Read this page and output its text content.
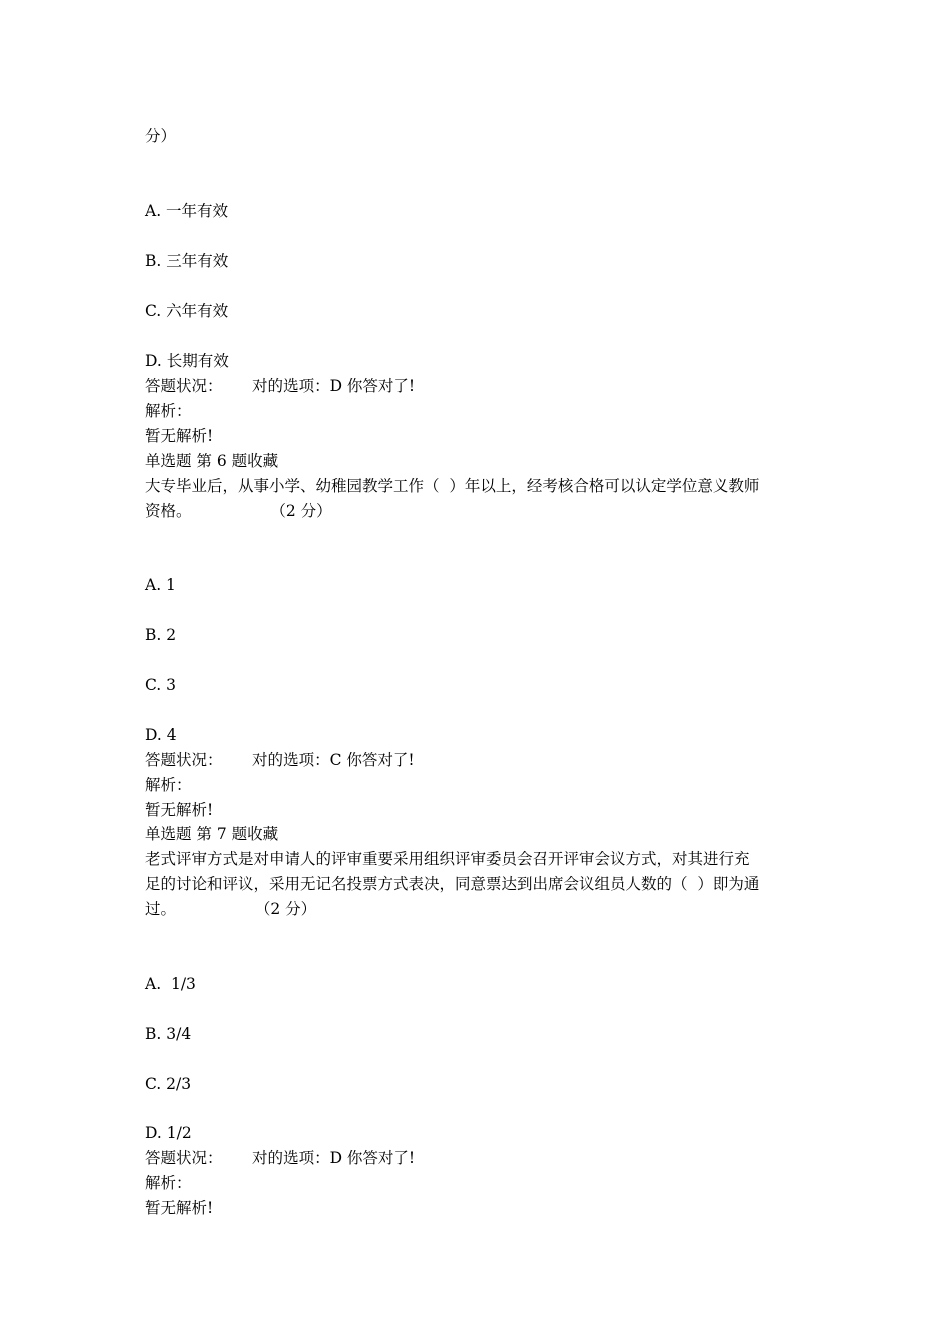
分）
A. 一年有效
B. 三年有效
C. 六年有效
D. 长期有效
答题状况：      对的选项：D 你答对了!
解析：
暂无解析!
单选题 第 6 题收藏
大专毕业后，从事小学、幼稚园教学工作（  ）年以上，经考核合格可以认定学位意义教师
资格。                （2 分）
A. 1
B. 2
C. 3
D. 4
答题状况：      对的选项：C 你答对了!
解析：
暂无解析!
单选题 第 7 题收藏
老式评审方式是对申请人的评审重要采用组织评审委员会召开评审会议方式，对其进行充
足的讨论和评议，采用无记名投票方式表决，同意票达到出席会议组员人数的（  ）即为通
过。                （2 分）
A.  1/3
B. 3/4
C. 2/3
D. 1/2
答题状况：      对的选项：D 你答对了!
解析：
暂无解析!
